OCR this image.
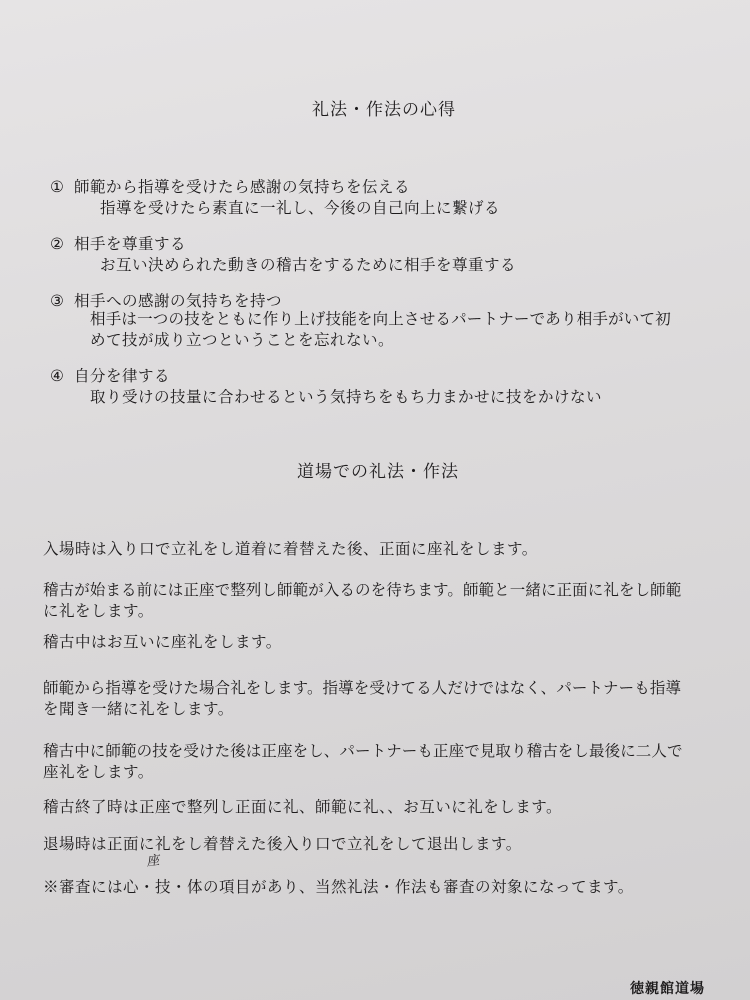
礼法・作法の心得
① 師範から指導を受けたら感謝の気持ちを伝える
指導を受けたら素直に一礼し、今後の自己向上に繋げる
② 相手を尊重する
お互い決められた動きの稽古をするために相手を尊重する
③ 相手への感謝の気持ちを持つ
相手は一つの技をともに作り上げ技能を向上させるパートナーであり相手がいて初
めて技が成り立つということを忘れない。
④ 自分を律する
取り受けの技量に合わせるという気持ちをもち力まかせに技をかけない
道場での礼法・作法
入場時は入り口で立礼をし道着に着替えた後、正面に座礼をします。
稽古が始まる前には正座で整列し師範が入るのを待ちます。師範と一緒に正面に礼をし師範
に礼をします。
稽古中はお互いに座礼をします。
師範から指導を受けた場合礼をします。指導を受けてる人だけではなく、パートナーも指導
を聞き一緒に礼をします。
稽古中に師範の技を受けた後は正座をし、パートナーも正座で見取り稽古をし最後に二人で
座礼をします。
稽古終了時は正座で整列し正面に礼、師範に礼、、お互いに礼をします。
退場時は正面に礼をし着替えた後入り口で立礼をして退出します。
座
※審査には心・技・体の項目があり、当然礼法・作法も審査の対象になってます。
徳親館道場
